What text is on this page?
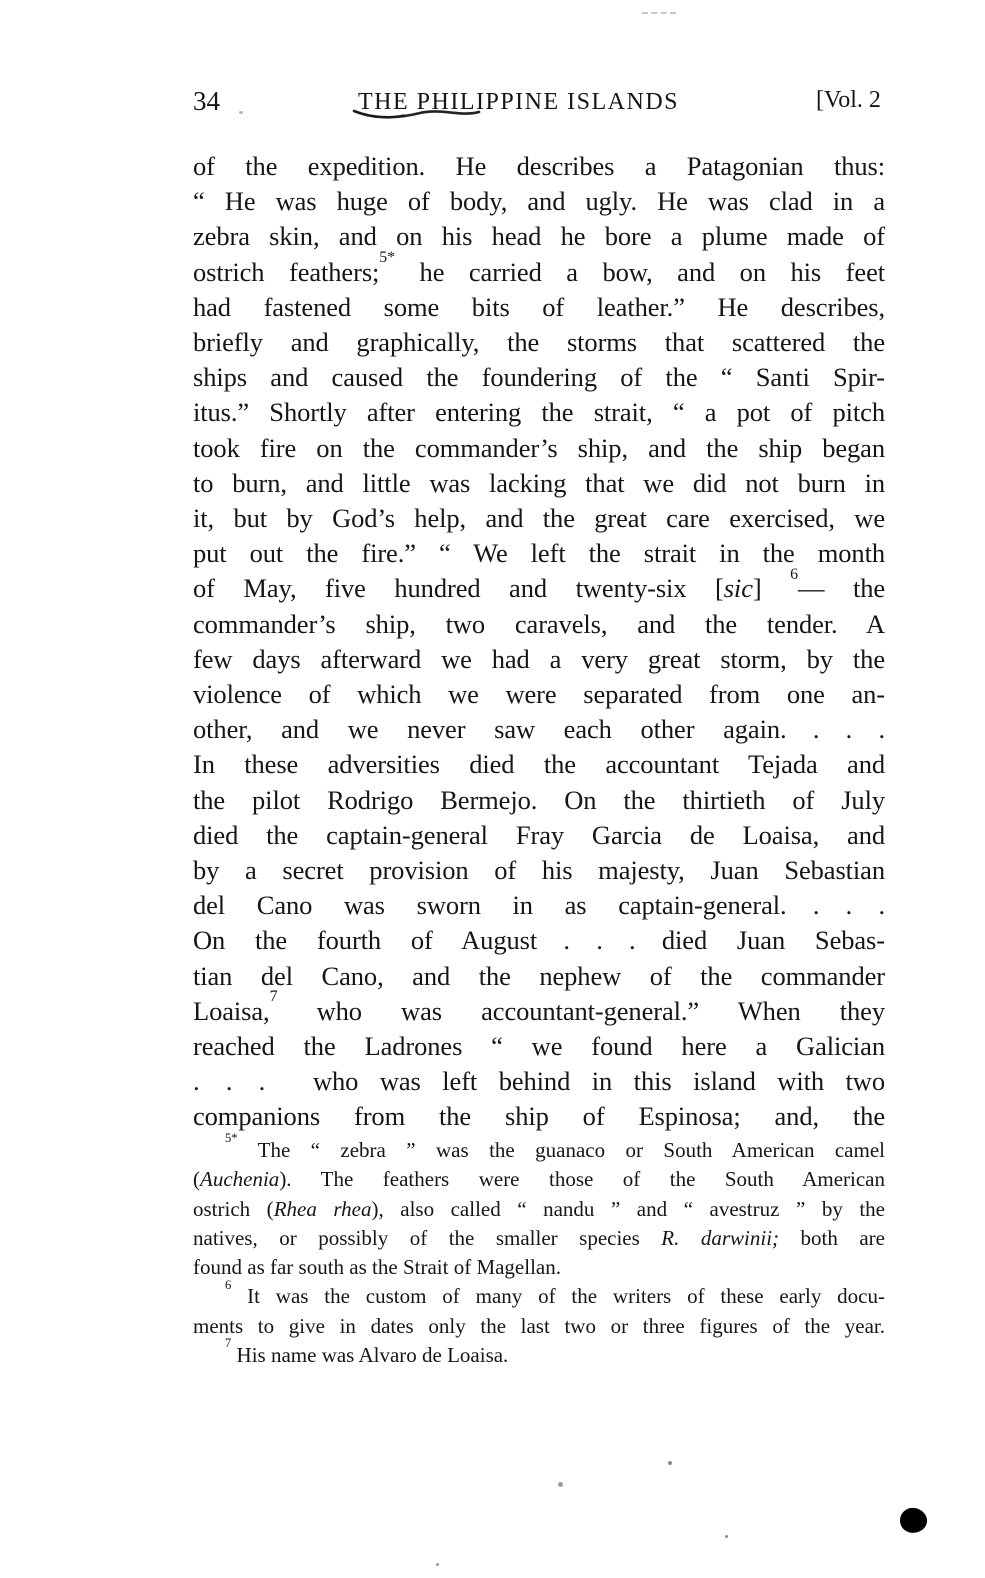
34	THE PHILIPPINE ISLANDS	[Vol. 2
of the expedition. He describes a Patagonian thus:
“ He was huge of body, and ugly. He was clad in a
zebra skin, and on his head he bore a plume made of
ostrich feathers;$^{5*}$ he carried a bow, and on his feet
had fastened some bits of leather.” He describes,
briefly and graphically, the storms that scattered the
ships and caused the foundering of the “ Santi Spir-
itus.” Shortly after entering the strait, “ a pot of pitch
took fire on the commander’s ship, and the ship began
to burn, and little was lacking that we did not burn in
it, but by God’s help, and the great care exercised, we
put out the fire.” “ We left the strait in the month
of May, five hundred and twenty-six [sic] $^6$— the
commander’s ship, two caravels, and the tender. A
few days afterward we had a very great storm, by the
violence of which we were separated from one an-
other, and we never saw each other again.  .  .  .
In these adversities died the accountant Tejada and
the pilot Rodrigo Bermejo. On the thirtieth of July
died the captain-general Fray Garcia de Loaisa, and
by a secret provision of his majesty, Juan Sebastian
del Cano was sworn in as captain-general.  .  .  .
On the fourth of August  .  .  .  died Juan Sebas-
tian del Cano, and the nephew of the commander
Loaisa,$^7$ who was accountant-general.” When they
reached the Ladrones “ we found here a Galician
.  .  .   who was left behind in this island with two
companions from the ship of Espinosa; and, the
$^{5*}$ The “ zebra ” was the guanaco or South American camel
(Auchenia). The feathers were those of the South American
ostrich (Rhea rhea), also called “ nandu ” and “ avestruz ” by the
natives, or possibly of the smaller species R. darwinii; both are
found as far south as the Strait of Magellan.
$^6$ It was the custom of many of the writers of these early docu-
ments to give in dates only the last two or three figures of the year.
$^7$ His name was Alvaro de Loaisa.
